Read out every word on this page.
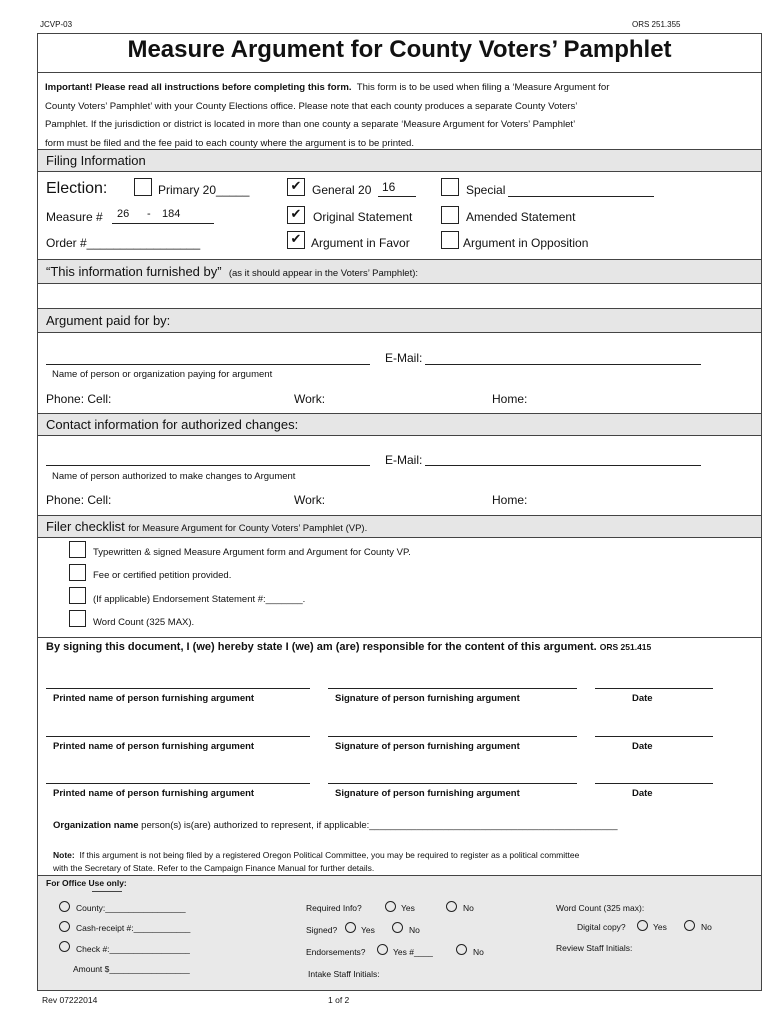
JCVP-03	ORS 251.355
Measure Argument for County Voters’ Pamphlet
Important! Please read all instructions before completing this form. This form is to be used when filing a ‘Measure Argument for
County Voters’ Pamphlet’ with your County Elections office. Please note that each county produces a separate County Voters’
Pamphlet. If the jurisdiction or district is located in more than one county a separate ‘Measure Argument for Voters’ Pamphlet’
form must be filed and the fee paid to each county where the argument is to be printed.
Filing Information
Election:	Primary 20_____	✔ General 20 16	Special
Measure # 26 - 184	✔ Original Statement	Amended Statement
Order #_________________	✔ Argument in Favor	Argument in Opposition
“This information furnished by” (as it should appear in the Voters’ Pamphlet):
Argument paid for by:
E-Mail:
Name of person or organization paying for argument
Phone: Cell:	Work:	Home:
Contact information for authorized changes:
E-Mail:
Name of person authorized to make changes to Argument
Phone: Cell:	Work:	Home:
Filer checklist for Measure Argument for County Voters’ Pamphlet (VP).
Typewritten & signed Measure Argument form and Argument for County VP.
Fee or certified petition provided.
(If applicable) Endorsement Statement #:_______.
Word Count (325 MAX).
By signing this document, I (we) hereby state I (we) am (are) responsible for the content of this argument. ORS 251.415
Printed name of person furnishing argument	Signature of person furnishing argument	Date
Printed name of person furnishing argument	Signature of person furnishing argument	Date
Printed name of person furnishing argument	Signature of person furnishing argument	Date
Organization name person(s) is(are) authorized to represent, if applicable:_______________________________________________
Note: If this argument is not being filed by a registered Oregon Political Committee, you may be required to register as a political committee
with the Secretary of State. Refer to the Campaign Finance Manual for further details.
For Office Use only:
County:_________________
Cash-receipt #:____________
Check #:_________________
Amount $_________________
Required Info?	Yes	No
Signed?	Yes	No
Endorsements?	Yes #____	No
Intake Staff Initials:
Word Count (325 max):
Digital copy?	Yes	No
Review Staff Initials:
Rev 07222014	1 of 2
